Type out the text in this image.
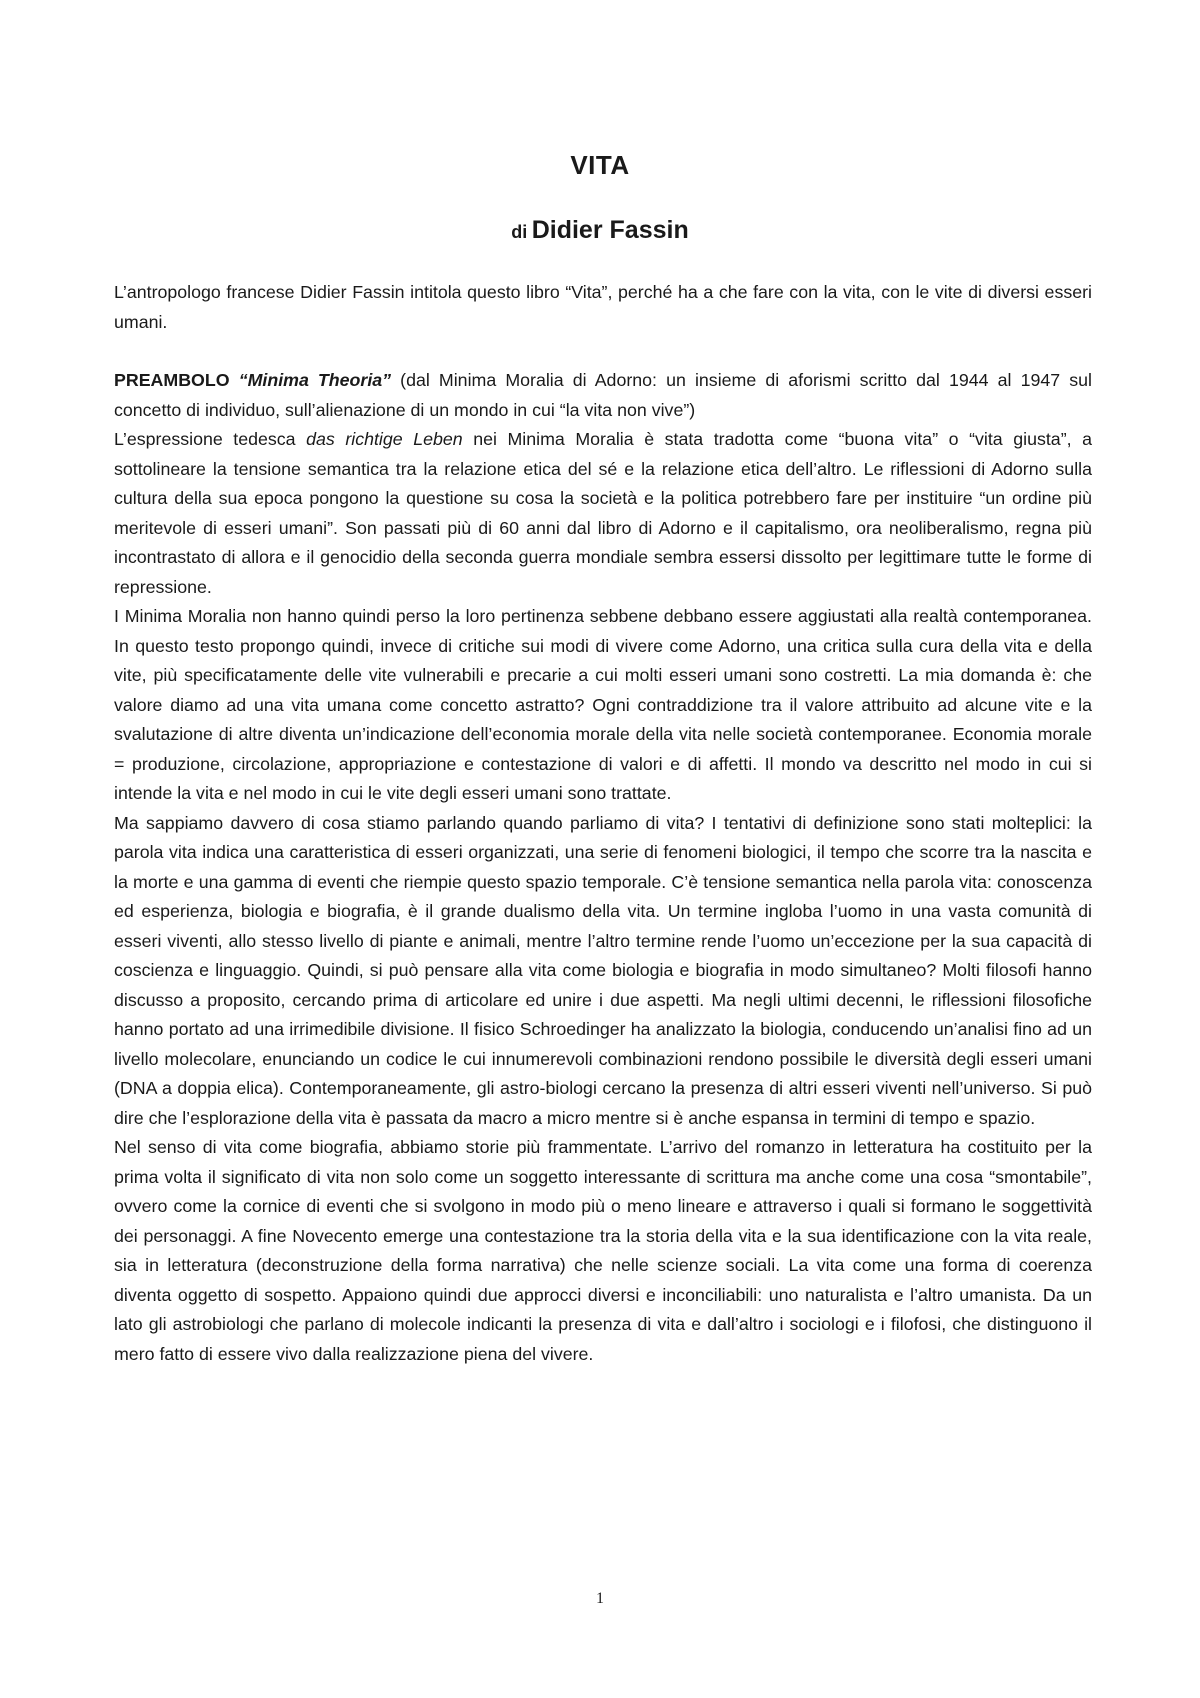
VITA
di Didier Fassin

L’antropologo francese Didier Fassin intitola questo libro “Vita”, perché ha a che fare con la vita, con le vite di diversi esseri umani.

PREAMBOLO “Minima Theoria” (dal Minima Moralia di Adorno: un insieme di aforismi scritto dal 1944 al 1947 sul concetto di individuo, sull’alienazione di un mondo in cui “la vita non vive”)

L’espressione tedesca das richtige Leben nei Minima Moralia è stata tradotta come “buona vita” o “vita giusta”, a sottolineare la tensione semantica tra la relazione etica del sé e la relazione etica dell’altro. Le riflessioni di Adorno sulla cultura della sua epoca pongono la questione su cosa la società e la politica potrebbero fare per instituire “un ordine più meritevole di esseri umani”. Son passati più di 60 anni dal libro di Adorno e il capitalismo, ora neoliberalismo, regna più incontrastato di allora e il genocidio della seconda guerra mondiale sembra essersi dissolto per legittimare tutte le forme di repressione.

I Minima Moralia non hanno quindi perso la loro pertinenza sebbene debbano essere aggiustati alla realtà contemporanea. In questo testo propongo quindi, invece di critiche sui modi di vivere come Adorno, una critica sulla cura della vita e della vite, più specificatamente delle vite vulnerabili e precarie a cui molti esseri umani sono costretti. La mia domanda è: che valore diamo ad una vita umana come concetto astratto? Ogni contraddizione tra il valore attribuito ad alcune vite e la svalutazione di altre diventa un’indicazione dell’economia morale della vita nelle società contemporanee. Economia morale = produzione, circolazione, appropriazione e contestazione di valori e di affetti. Il mondo va descritto nel modo in cui si intende la vita e nel modo in cui le vite degli esseri umani sono trattate.

Ma sappiamo davvero di cosa stiamo parlando quando parliamo di vita? I tentativi di definizione sono stati molteplici: la parola vita indica una caratteristica di esseri organizzati, una serie di fenomeni biologici, il tempo che scorre tra la nascita e la morte e una gamma di eventi che riempie questo spazio temporale. C’è tensione semantica nella parola vita: conoscenza ed esperienza, biologia e biografia, è il grande dualismo della vita. Un termine ingloba l’uomo in una vasta comunità di esseri viventi, allo stesso livello di piante e animali, mentre l’altro termine rende l’uomo un’eccezione per la sua capacità di coscienza e linguaggio. Quindi, si può pensare alla vita come biologia e biografia in modo simultaneo? Molti filosofi hanno discusso a proposito, cercando prima di articolare ed unire i due aspetti. Ma negli ultimi decenni, le riflessioni filosofiche hanno portato ad una irrimedibile divisione. Il fisico Schroedinger ha analizzato la biologia, conducendo un’analisi fino ad un livello molecolare, enunciando un codice le cui innumerevoli combinazioni rendono possibile le diversità degli esseri umani (DNA a doppia elica). Contemporaneamente, gli astro-biologi cercano la presenza di altri esseri viventi nell’universo. Si può dire che l’esplorazione della vita è passata da macro a micro mentre si è anche espansa in termini di tempo e spazio.

Nel senso di vita come biografia, abbiamo storie più frammentate. L’arrivo del romanzo in letteratura ha costituito per la prima volta il significato di vita non solo come un soggetto interessante di scrittura ma anche come una cosa “smontabile”, ovvero come la cornice di eventi che si svolgono in modo più o meno lineare e attraverso i quali si formano le soggettività dei personaggi. A fine Novecento emerge una contestazione tra la storia della vita e la sua identificazione con la vita reale, sia in letteratura (deconstruzione della forma narrativa) che nelle scienze sociali. La vita come una forma di coerenza diventa oggetto di sospetto. Appaiono quindi due approcci diversi e inconciliabili: uno naturalista e l’altro umanista. Da un lato gli astrobiologi che parlano di molecole indicanti la presenza di vita e dall’altro i sociologi e i filofosi, che distinguono il mero fatto di essere vivo dalla realizzazione piena del vivere.

1
